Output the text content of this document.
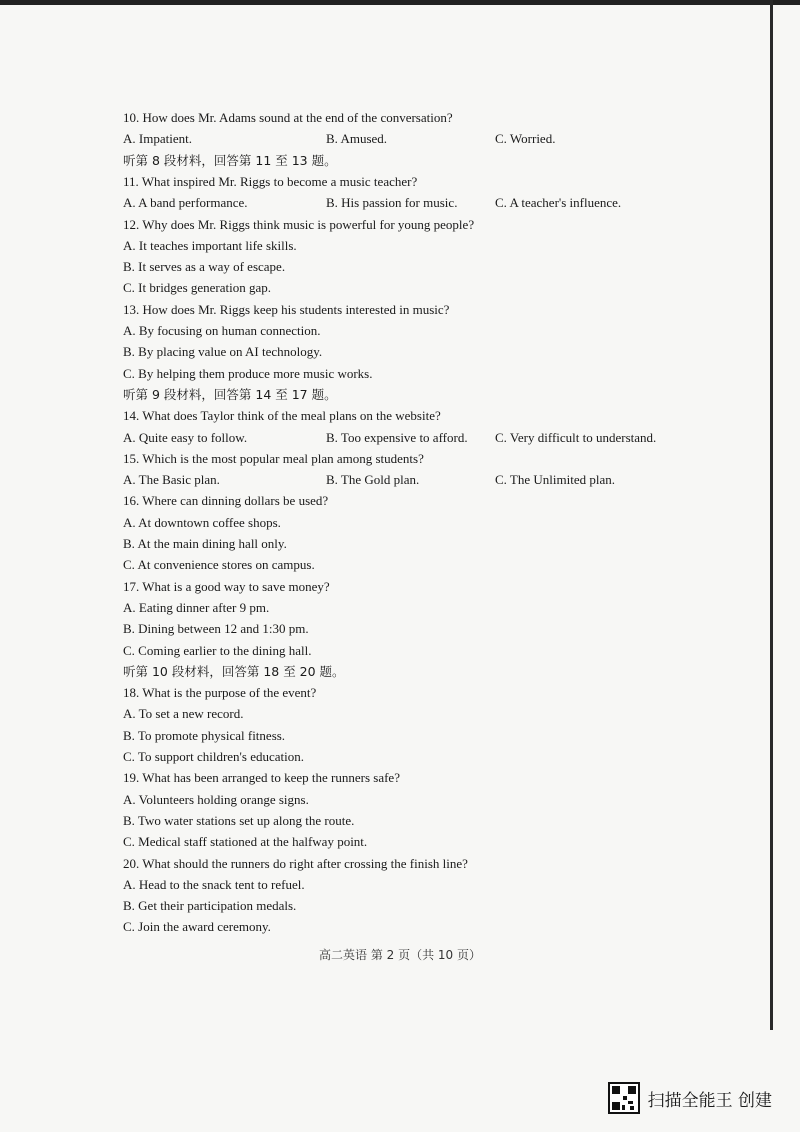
10. How does Mr. Adams sound at the end of the conversation?
A. Impatient.	B. Amused.	C. Worried.
听第 8 段材料，回答第 11 至 13 题。
11. What inspired Mr. Riggs to become a music teacher?
A. A band performance.	B. His passion for music.	C. A teacher's influence.
12. Why does Mr. Riggs think music is powerful for young people?
A. It teaches important life skills.
B. It serves as a way of escape.
C. It bridges generation gap.
13. How does Mr. Riggs keep his students interested in music?
A. By focusing on human connection.
B. By placing value on AI technology.
C. By helping them produce more music works.
听第 9 段材料，回答第 14 至 17 题。
14. What does Taylor think of the meal plans on the website?
A. Quite easy to follow.	B. Too expensive to afford. C. Very difficult to understand.
15. Which is the most popular meal plan among students?
A. The Basic plan.	B. The Gold plan.	C. The Unlimited plan.
16. Where can dinning dollars be used?
A. At downtown coffee shops.
B. At the main dining hall only.
C. At convenience stores on campus.
17. What is a good way to save money?
A. Eating dinner after 9 pm.
B. Dining between 12 and 1:30 pm.
C. Coming earlier to the dining hall.
听第 10 段材料，回答第 18 至 20 题。
18. What is the purpose of the event?
A. To set a new record.
B. To promote physical fitness.
C. To support children's education.
19. What has been arranged to keep the runners safe?
A. Volunteers holding orange signs.
B. Two water stations set up along the route.
C. Medical staff stationed at the halfway point.
20. What should the runners do right after crossing the finish line?
A. Head to the snack tent to refuel.
B. Get their participation medals.
C. Join the award ceremony.
高二英语 第 2 页（共 10 页）
扫描全能王 创建
